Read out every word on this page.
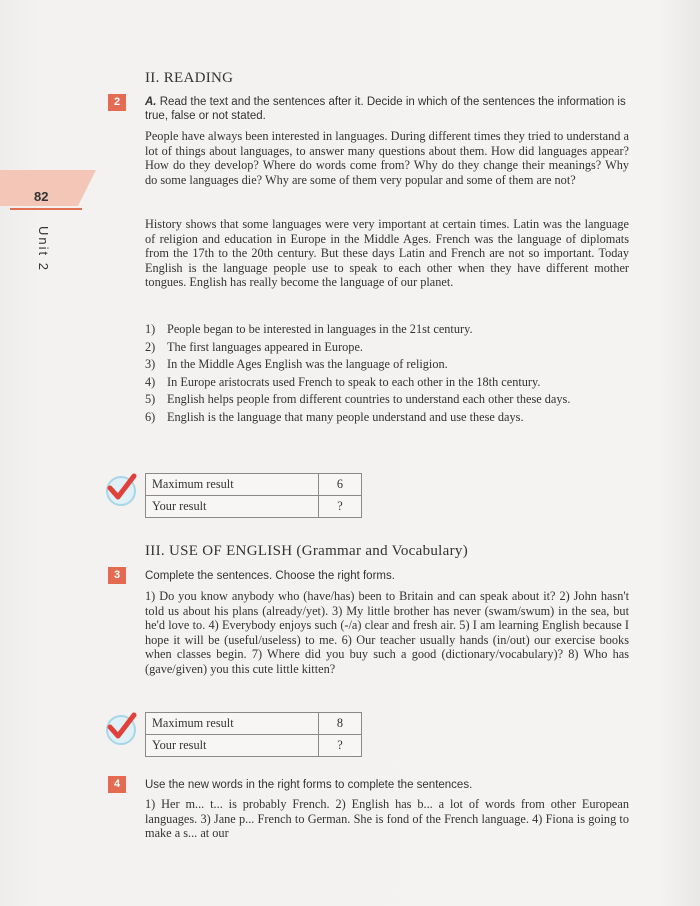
82
Unit 2
II. READING
2	A. Read the text and the sentences after it. Decide in which of the sentences the information is true, false or not stated.
People have always been interested in languages. During different times they tried to understand a lot of things about languages, to answer many questions about them. How did languages appear? How do they develop? Where do words come from? Why do they change their meanings? Why do some languages die? Why are some of them very popular and some of them are not?
History shows that some languages were very important at certain times. Latin was the language of religion and education in Europe in the Middle Ages. French was the language of diplomats from the 17th to the 20th century. But these days Latin and French are not so important. Today English is the language people use to speak to each other when they have different mother tongues. English has really become the language of our planet.
1) People began to be interested in languages in the 21st century.
2) The first languages appeared in Europe.
3) In the Middle Ages English was the language of religion.
4) In Europe aristocrats used French to speak to each other in the 18th century.
5) English helps people from different countries to understand each other these days.
6) English is the language that many people understand and use these days.
Maximum result	6
Your result	?
III. USE OF ENGLISH (Grammar and Vocabulary)
3	Complete the sentences. Choose the right forms.
1) Do you know anybody who (have/has) been to Britain and can speak about it? 2) John hasn't told us about his plans (already/yet). 3) My little brother has never (swam/swum) in the sea, but he'd love to. 4) Everybody enjoys such (-/a) clear and fresh air. 5) I am learning English because I hope it will be (useful/useless) to me. 6) Our teacher usually hands (in/out) our exercise books when classes begin. 7) Where did you buy such a good (dictionary/vocabulary)? 8) Who has (gave/given) you this cute little kitten?
Maximum result	8
Your result	?
4	Use the new words in the right forms to complete the sentences.
1) Her m... t... is probably French. 2) English has b... a lot of words from other European languages. 3) Jane p... French to German. She is fond of the French language. 4) Fiona is going to make a s... at our
